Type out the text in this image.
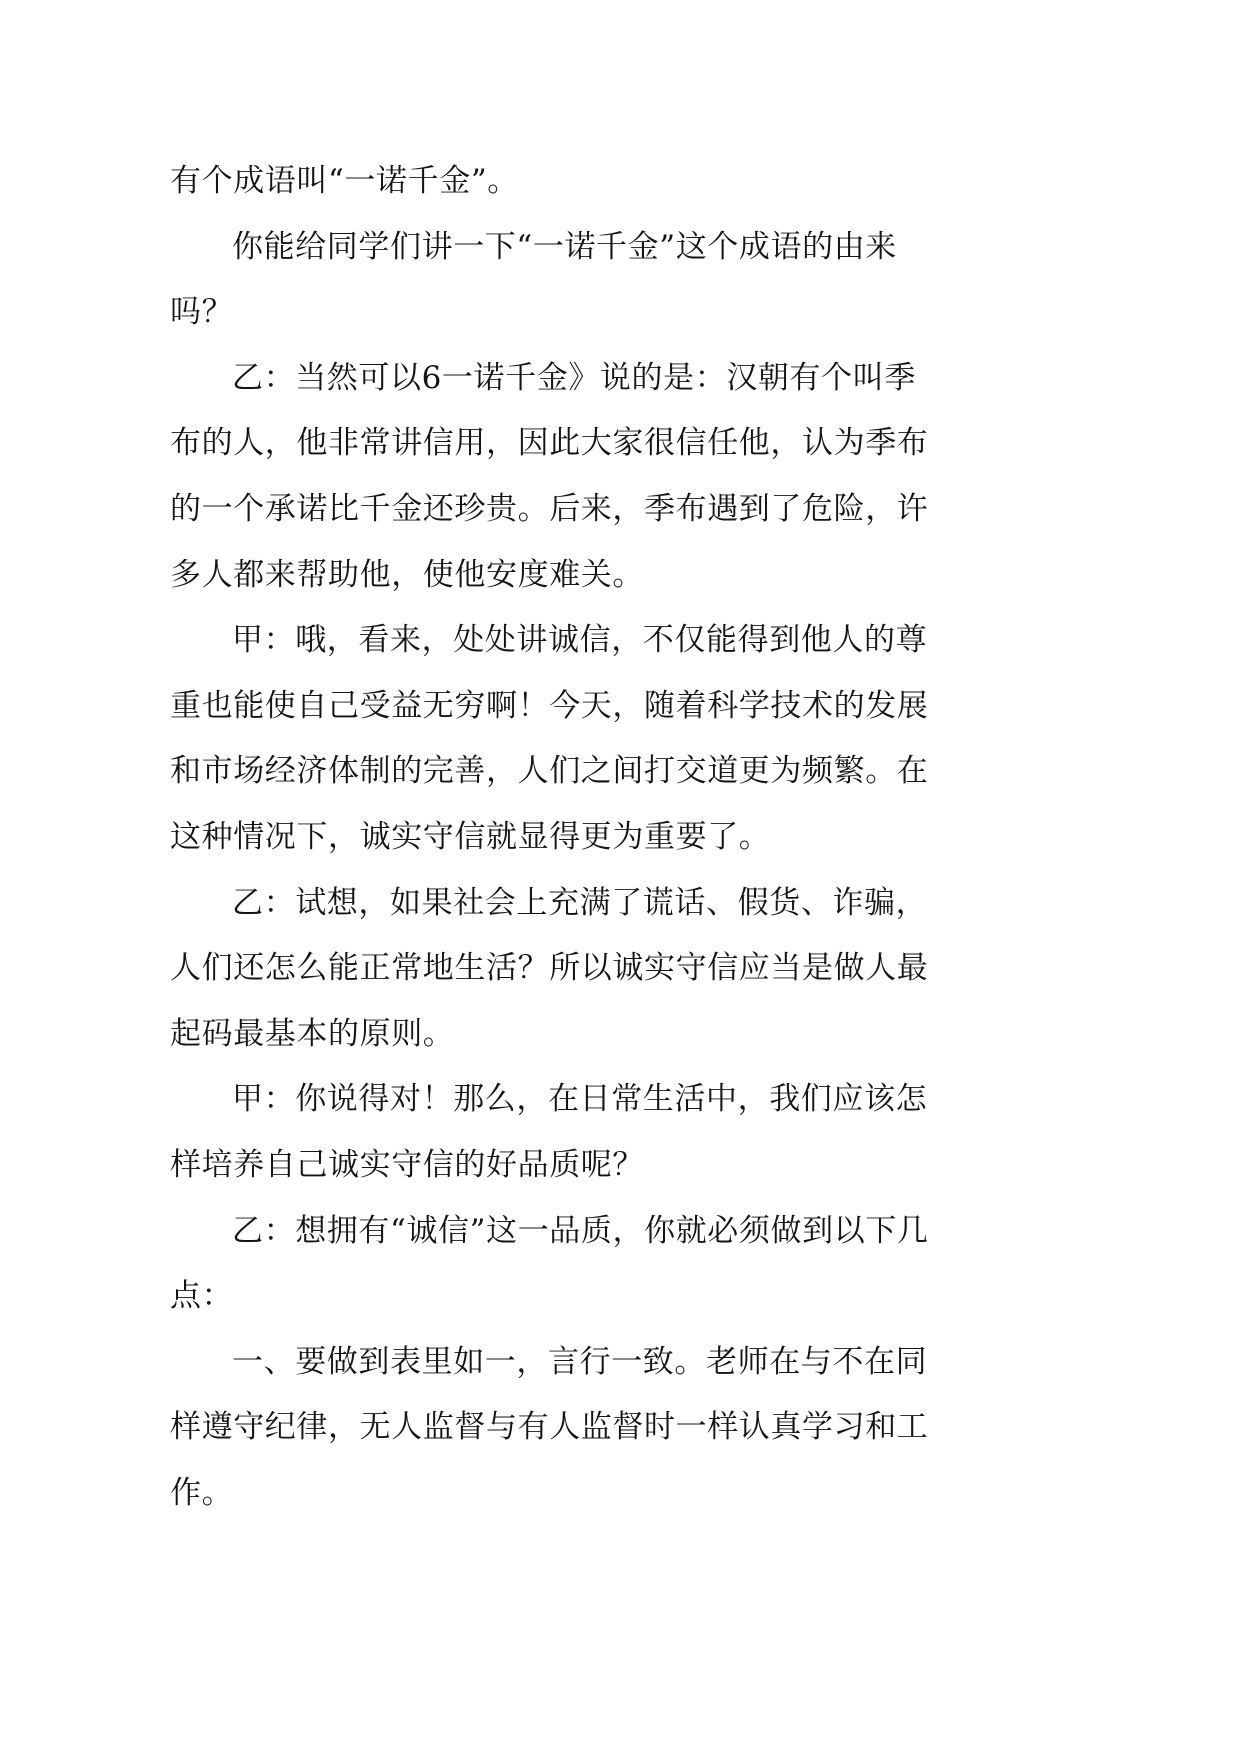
有个成语叫“一诺千金”。

你能给同学们讲一下“一诺千金”这个成语的由来吗？

乙：当然可以6一诺千金》说的是：汉朝有个叫季布的人，他非常讲信用，因此大家很信任他，认为季布的一个承诺比千金还珍贵。后来，季布遇到了危险，许多人都来帮助他，使他安度难关。

甲：哦，看来，处处讲诚信，不仅能得到他人的尊重也能使自己受益无穷啊！今天，随着科学技术的发展和市场经济体制的完善，人们之间打交道更为频繁。在这种情况下，诚实守信就显得更为重要了。

乙：试想，如果社会上充满了谎话、假货、诈骗，人们还怎么能正常地生活？所以诚实守信应当是做人最起码最基本的原则。

甲：你说得对！那么，在日常生活中，我们应该怎样培养自己诚实守信的好品质呢？

乙：想拥有“诚信”这一品质，你就必须做到以下几点：

一、要做到表里如一，言行一致。老师在与不在同样遵守纪律，无人监督与有人监督时一样认真学习和工作。
